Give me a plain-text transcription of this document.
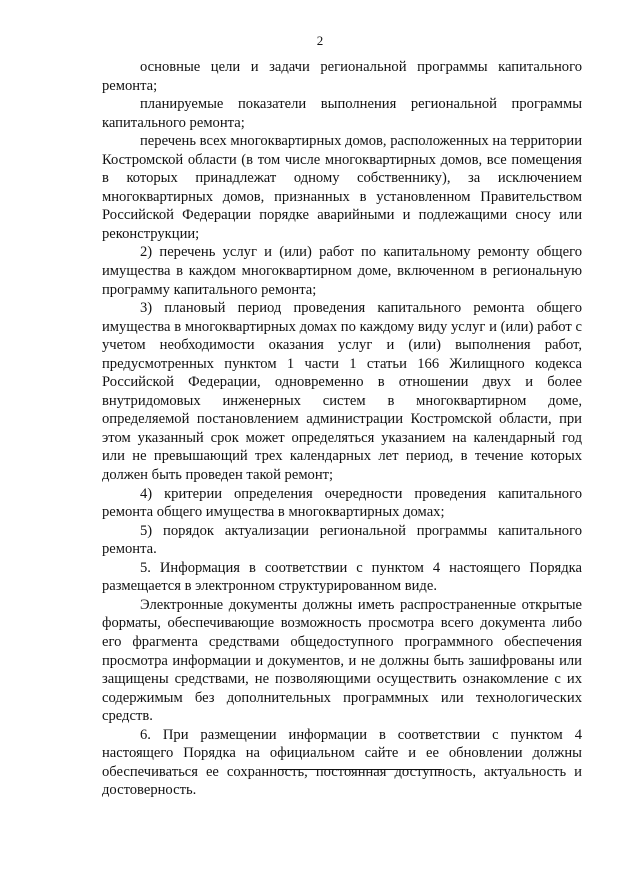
2

основные цели и задачи региональной программы капитального ремонта;

планируемые показатели выполнения региональной программы капитального ремонта;

перечень всех многоквартирных домов, расположенных на территории Костромской области (в том числе многоквартирных домов, все помещения в которых принадлежат одному собственнику), за исключением многоквартирных домов, признанных в установленном Правительством Российской Федерации порядке аварийными и подлежащими сносу или реконструкции;

2) перечень услуг и (или) работ по капитальному ремонту общего имущества в каждом многоквартирном доме, включенном в региональную программу капитального ремонта;

3) плановый период проведения капитального ремонта общего имущества в многоквартирных домах по каждому виду услуг и (или) работ с учетом необходимости оказания услуг и (или) выполнения работ, предусмотренных пунктом 1 части 1 статьи 166 Жилищного кодекса Российской Федерации, одновременно в отношении двух и более внутридомовых инженерных систем в многоквартирном доме, определяемой постановлением администрации Костромской области, при этом указанный срок может определяться указанием на календарный год или не превышающий трех календарных лет период, в течение которых должен быть проведен такой ремонт;

4) критерии определения очередности проведения капитального ремонта общего имущества в многоквартирных домах;

5) порядок актуализации региональной программы капитального ремонта.

5. Информация в соответствии с пунктом 4 настоящего Порядка размещается в электронном структурированном виде.

Электронные документы должны иметь распространенные открытые форматы, обеспечивающие возможность просмотра всего документа либо его фрагмента средствами общедоступного программного обеспечения просмотра информации и документов, и не должны быть зашифрованы или защищены средствами, не позволяющими осуществить ознакомление с их содержимым без дополнительных программных или технологических средств.

6. При размещении информации в соответствии с пунктом 4 настоящего Порядка на официальном сайте и ее обновлении должны обеспечиваться ее сохранность, постоянная доступность, актуальность и достоверность.
